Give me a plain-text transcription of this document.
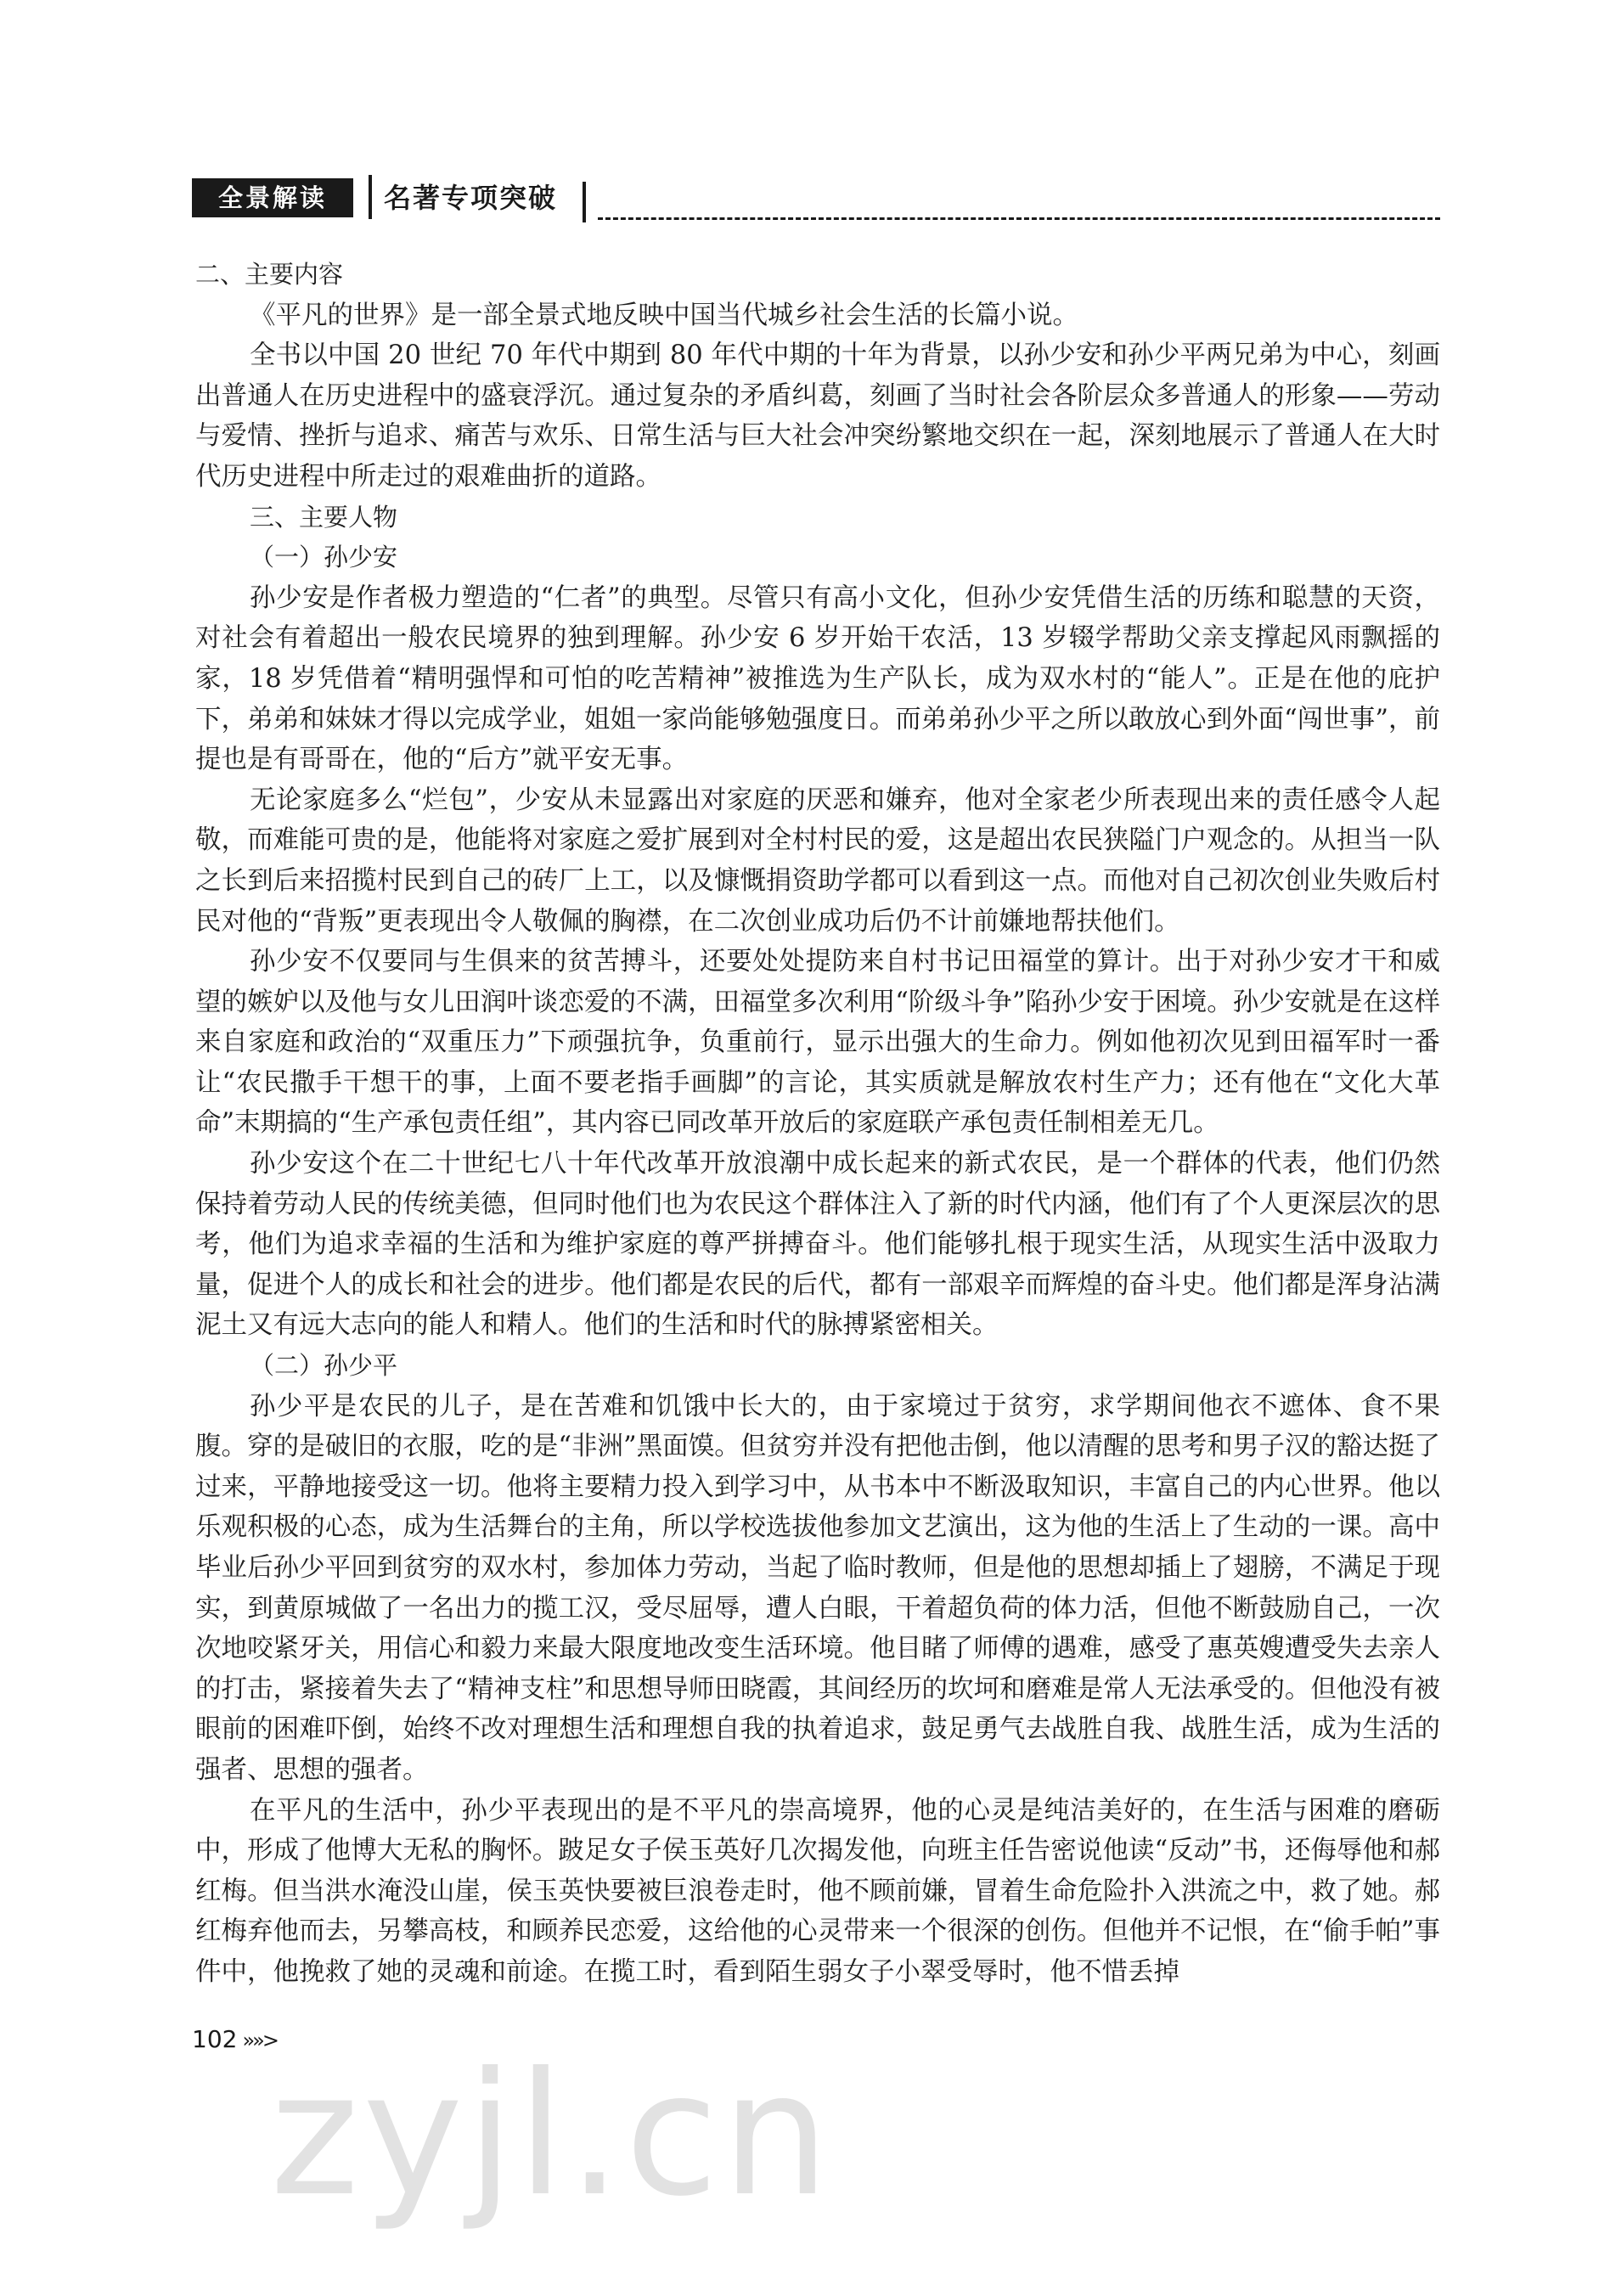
全景解读	名著专项突破

二、主要内容

《平凡的世界》是一部全景式地反映中国当代城乡社会生活的长篇小说。

全书以中国 20 世纪 70 年代中期到 80 年代中期的十年为背景，以孙少安和孙少平两兄弟为中心，刻画出普通人在历史进程中的盛衰浮沉。通过复杂的矛盾纠葛，刻画了当时社会各阶层众多普通人的形象——劳动与爱情、挫折与追求、痛苦与欢乐、日常生活与巨大社会冲突纷繁地交织在一起，深刻地展示了普通人在大时代历史进程中所走过的艰难曲折的道路。

三、主要人物

（一）孙少安

孙少安是作者极力塑造的“仁者”的典型。尽管只有高小文化，但孙少安凭借生活的历练和聪慧的天资，对社会有着超出一般农民境界的独到理解。孙少安 6 岁开始干农活，13 岁辍学帮助父亲支撑起风雨飘摇的家，18 岁凭借着“精明强悍和可怕的吃苦精神”被推选为生产队长，成为双水村的“能人”。正是在他的庇护下，弟弟和妹妹才得以完成学业，姐姐一家尚能够勉强度日。而弟弟孙少平之所以敢放心到外面“闯世事”，前提也是有哥哥在，他的“后方”就平安无事。

无论家庭多么“烂包”，少安从未显露出对家庭的厌恶和嫌弃，他对全家老少所表现出来的责任感令人起敬，而难能可贵的是，他能将对家庭之爱扩展到对全村村民的爱，这是超出农民狭隘门户观念的。从担当一队之长到后来招揽村民到自己的砖厂上工，以及慷慨捐资助学都可以看到这一点。而他对自己初次创业失败后村民对他的“背叛”更表现出令人敬佩的胸襟，在二次创业成功后仍不计前嫌地帮扶他们。

孙少安不仅要同与生俱来的贫苦搏斗，还要处处提防来自村书记田福堂的算计。出于对孙少安才干和威望的嫉妒以及他与女儿田润叶谈恋爱的不满，田福堂多次利用“阶级斗争”陷孙少安于困境。孙少安就是在这样来自家庭和政治的“双重压力”下顽强抗争，负重前行，显示出强大的生命力。例如他初次见到田福军时一番让“农民撒手干想干的事，上面不要老指手画脚”的言论，其实质就是解放农村生产力；还有他在“文化大革命”末期搞的“生产承包责任组”，其内容已同改革开放后的家庭联产承包责任制相差无几。

孙少安这个在二十世纪七八十年代改革开放浪潮中成长起来的新式农民，是一个群体的代表，他们仍然保持着劳动人民的传统美德，但同时他们也为农民这个群体注入了新的时代内涵，他们有了个人更深层次的思考，他们为追求幸福的生活和为维护家庭的尊严拼搏奋斗。他们能够扎根于现实生活，从现实生活中汲取力量，促进个人的成长和社会的进步。他们都是农民的后代，都有一部艰辛而辉煌的奋斗史。他们都是浑身沾满泥土又有远大志向的能人和精人。他们的生活和时代的脉搏紧密相关。

（二）孙少平

孙少平是农民的儿子，是在苦难和饥饿中长大的，由于家境过于贫穷，求学期间他衣不遮体、食不果腹。穿的是破旧的衣服，吃的是“非洲”黑面馍。但贫穷并没有把他击倒，他以清醒的思考和男子汉的豁达挺了过来，平静地接受这一切。他将主要精力投入到学习中，从书本中不断汲取知识，丰富自己的内心世界。他以乐观积极的心态，成为生活舞台的主角，所以学校选拔他参加文艺演出，这为他的生活上了生动的一课。高中毕业后孙少平回到贫穷的双水村，参加体力劳动，当起了临时教师，但是他的思想却插上了翅膀，不满足于现实，到黄原城做了一名出力的揽工汉，受尽屈辱，遭人白眼，干着超负荷的体力活，但他不断鼓励自己，一次次地咬紧牙关，用信心和毅力来最大限度地改变生活环境。他目睹了师傅的遇难，感受了惠英嫂遭受失去亲人的打击，紧接着失去了“精神支柱”和思想导师田晓霞，其间经历的坎坷和磨难是常人无法承受的。但他没有被眼前的困难吓倒，始终不改对理想生活和理想自我的执着追求，鼓足勇气去战胜自我、战胜生活，成为生活的强者、思想的强者。

在平凡的生活中，孙少平表现出的是不平凡的崇高境界，他的心灵是纯洁美好的，在生活与困难的磨砺中，形成了他博大无私的胸怀。跛足女子侯玉英好几次揭发他，向班主任告密说他读“反动”书，还侮辱他和郝红梅。但当洪水淹没山崖，侯玉英快要被巨浪卷走时，他不顾前嫌，冒着生命危险扑入洪流之中，救了她。郝红梅弃他而去，另攀高枝，和顾养民恋爱，这给他的心灵带来一个很深的创伤。但他并不记恨，在“偷手帕”事件中，他挽救了她的灵魂和前途。在揽工时，看到陌生弱女子小翠受辱时，他不惜丢掉

102 »»>
zyjl.cn
